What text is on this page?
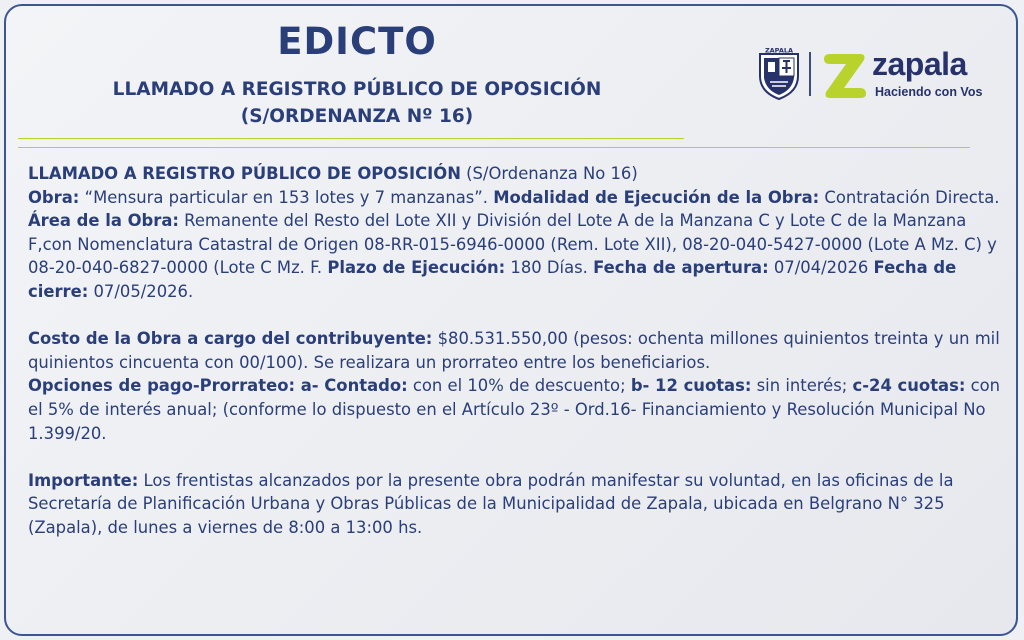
EDICTO
LLAMADO A REGISTRO PÚBLICO DE OPOSICIÓN
(S/ORDENANZA Nº 16)
ZAPALA zapala
Haciendo con Vos

LLAMADO A REGISTRO PÚBLICO DE OPOSICIÓN (S/Ordenanza No 16)
Obra: “Mensura particular en 153 lotes y 7 manzanas”. Modalidad de Ejecución de la Obra: Contratación Directa. Área de la Obra: Remanente del Resto del Lote XII y División del Lote A de la Manzana C y Lote C de la Manzana F,con Nomenclatura Catastral de Origen 08-RR-015-6946-0000 (Rem. Lote XII), 08-20-040-5427-0000 (Lote A Mz. C) y 08-20-040-6827-0000 (Lote C Mz. F. Plazo de Ejecución: 180 Días. Fecha de apertura: 07/04/2026 Fecha de cierre: 07/05/2026.

Costo de la Obra a cargo del contribuyente: $80.531.550,00 (pesos: ochenta millones quinientos treinta y un mil quinientos cincuenta con 00/100). Se realizara un prorrateo entre los beneficiarios.
Opciones de pago-Prorrateo: a- Contado: con el 10% de descuento; b- 12 cuotas: sin interés; c-24 cuotas: con el 5% de interés anual; (conforme lo dispuesto en el Artículo 23º - Ord.16- Financiamiento y Resolución Municipal No 1.399/20.

Importante: Los frentistas alcanzados por la presente obra podrán manifestar su voluntad, en las oficinas de la Secretaría de Planificación Urbana y Obras Públicas de la Municipalidad de Zapala, ubicada en Belgrano N° 325 (Zapala), de lunes a viernes de 8:00 a 13:00 hs.
